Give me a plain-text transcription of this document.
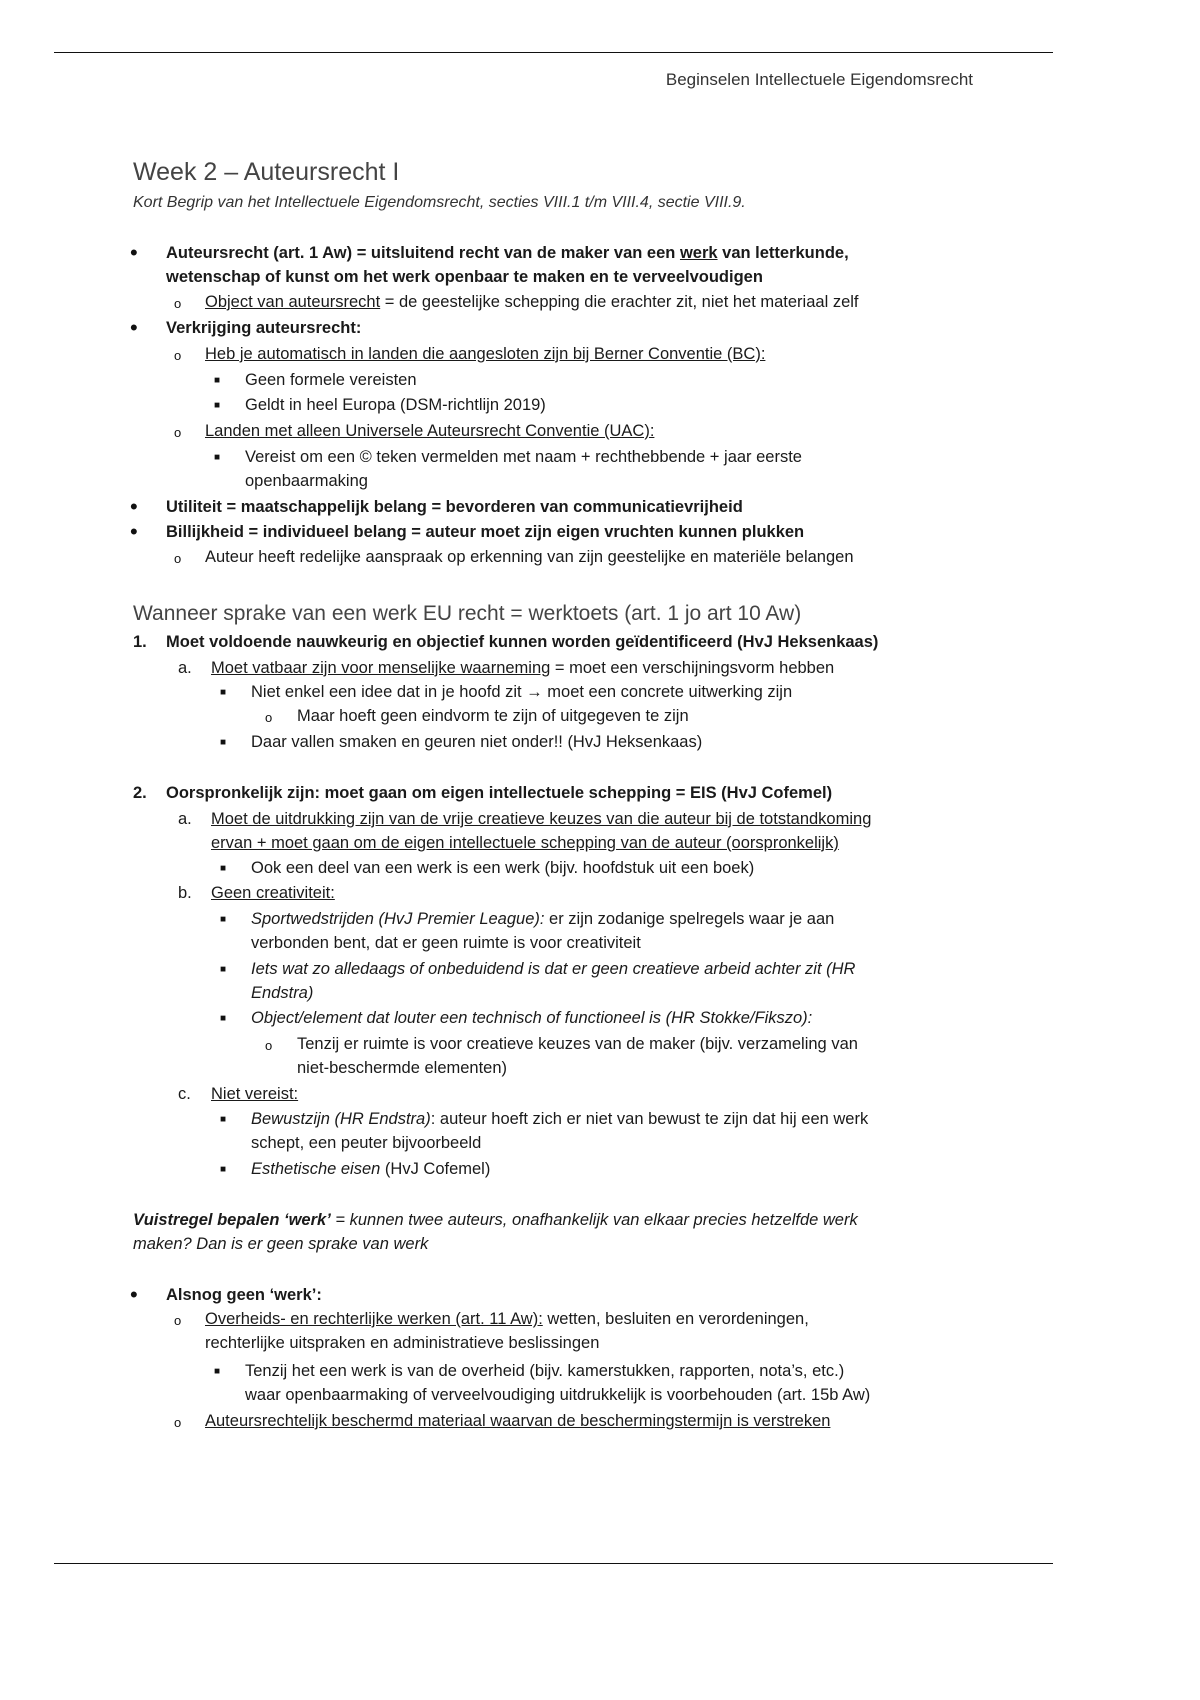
Beginselen Intellectuele Eigendomsrecht
Week 2 – Auteursrecht I
Kort Begrip van het Intellectuele Eigendomsrecht, secties VIII.1 t/m VIII.4, sectie VIII.9.
• Auteursrecht (art. 1 Aw) = uitsluitend recht van de maker van een werk van letterkunde,
wetenschap of kunst om het werk openbaar te maken en te verveelvoudigen
o Object van auteursrecht = de geestelijke schepping die erachter zit, niet het materiaal zelf
• Verkrijging auteursrecht:
o Heb je automatisch in landen die aangesloten zijn bij Berner Conventie (BC):
■ Geen formele vereisten
■ Geldt in heel Europa (DSM-richtlijn 2019)
o Landen met alleen Universele Auteursrecht Conventie (UAC):
■ Vereist om een © teken vermelden met naam + rechthebbende + jaar eerste
openbaarmaking
• Utiliteit = maatschappelijk belang = bevorderen van communicatievrijheid
• Billijkheid = individueel belang = auteur moet zijn eigen vruchten kunnen plukken
o Auteur heeft redelijke aanspraak op erkenning van zijn geestelijke en materiële belangen
Wanneer sprake van een werk EU recht = werktoets (art. 1 jo art 10 Aw)
1. Moet voldoende nauwkeurig en objectief kunnen worden geïdentificeerd (HvJ Heksenkaas)
a. Moet vatbaar zijn voor menselijke waarneming = moet een verschijningsvorm hebben
■ Niet enkel een idee dat in je hoofd zit → moet een concrete uitwerking zijn
o Maar hoeft geen eindvorm te zijn of uitgegeven te zijn
■ Daar vallen smaken en geuren niet onder!! (HvJ Heksenkaas)
2. Oorspronkelijk zijn: moet gaan om eigen intellectuele schepping = EIS (HvJ Cofemel)
a. Moet de uitdrukking zijn van de vrije creatieve keuzes van die auteur bij de totstandkoming
ervan + moet gaan om de eigen intellectuele schepping van de auteur (oorspronkelijk)
■ Ook een deel van een werk is een werk (bijv. hoofdstuk uit een boek)
b. Geen creativiteit:
■ Sportwedstrijden (HvJ Premier League): er zijn zodanige spelregels waar je aan
verbonden bent, dat er geen ruimte is voor creativiteit
■ Iets wat zo alledaags of onbeduidend is dat er geen creatieve arbeid achter zit (HR
Endstra)
■ Object/element dat louter een technisch of functioneel is (HR Stokke/Fikszo):
o Tenzij er ruimte is voor creatieve keuzes van de maker (bijv. verzameling van
niet-beschermde elementen)
c. Niet vereist:
■ Bewustzijn (HR Endstra): auteur hoeft zich er niet van bewust te zijn dat hij een werk
schept, een peuter bijvoorbeeld
■ Esthetische eisen (HvJ Cofemel)
Vuistregel bepalen ‘werk’ = kunnen twee auteurs, onafhankelijk van elkaar precies hetzelfde werk
maken? Dan is er geen sprake van werk
• Alsnog geen ‘werk’:
o Overheids- en rechterlijke werken (art. 11 Aw): wetten, besluiten en verordeningen,
rechterlijke uitspraken en administratieve beslissingen
■ Tenzij het een werk is van de overheid (bijv. kamerstukken, rapporten, nota’s, etc.)
waar openbaarmaking of verveelvoudiging uitdrukkelijk is voorbehouden (art. 15b Aw)
o Auteursrechtelijk beschermd materiaal waarvan de beschermingstermijn is verstreken
